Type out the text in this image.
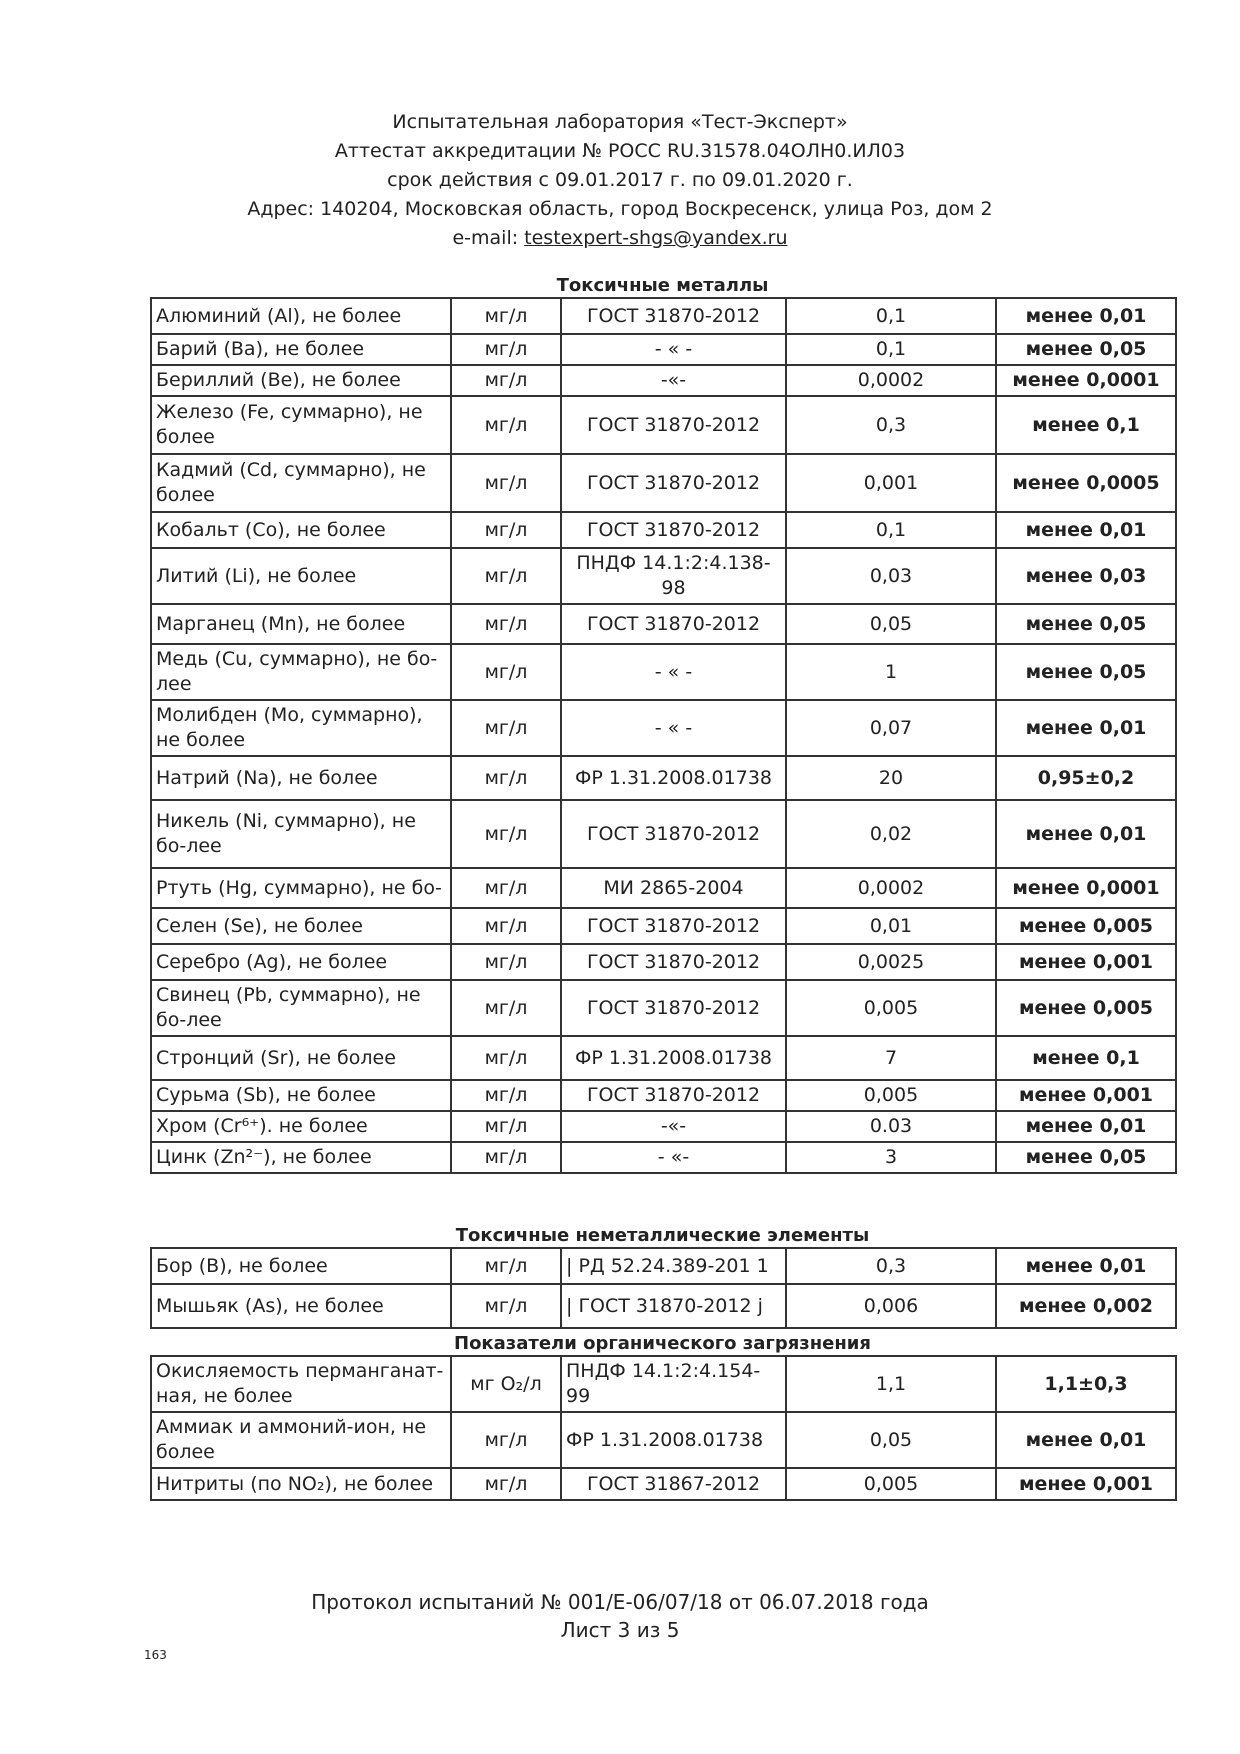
Испытательная лаборатория «Тест-Эксперт»
Аттестат аккредитации № РОСС RU.31578.04ОЛН0.ИЛ03
срок действия с 09.01.2017 г. по 09.01.2020 г.
Адрес: 140204, Московская область, город Воскресенск, улица Роз, дом 2
e-mail: testexpert-shgs@yandex.ru
Токсичные металлы
Алюминий (Al), не более	мг/л	ГОСТ 31870-2012	0,1	менее 0,01
Барий (Ba), не более	мг/л	- « -	0,1	менее 0,05
Бериллий (Be), не более	мг/л	-«-	0,0002	менее 0,0001
Железо (Fe, суммарно), не более	мг/л	ГОСТ 31870-2012	0,3	менее 0,1
Кадмий (Cd, суммарно), не более	мг/л	ГОСТ 31870-2012	0,001	менее 0,0005
Кобальт (Co), не более	мг/л	ГОСТ 31870-2012	0,1	менее 0,01
Литий (Li), не более	мг/л	ПНДФ 14.1:2:4.138-98	0,03	менее 0,03
Марганец (Mn), не более	мг/л	ГОСТ 31870-2012	0,05	менее 0,05
Медь (Cu, суммарно), не бо-лее	мг/л	- « -	1	менее 0,05
Молибден (Mo, суммарно), не более	мг/л	- « -	0,07	менее 0,01
Натрий (Na), не более	мг/л	ФР 1.31.2008.01738	20	0,95±0,2
Никель (Ni, суммарно), не бо-лее	мг/л	ГОСТ 31870-2012	0,02	менее 0,01
Ртуть (Hg, суммарно), не бо-	мг/л	МИ 2865-2004	0,0002	менее 0,0001
Селен (Se), не более	мг/л	ГОСТ 31870-2012	0,01	менее 0,005
Серебро (Ag), не более	мг/л	ГОСТ 31870-2012	0,0025	менее 0,001
Свинец (Pb, суммарно), не бо-лее	мг/л	ГОСТ 31870-2012	0,005	менее 0,005
Стронций (Sr), не более	мг/л	ФР 1.31.2008.01738	7	менее 0,1
Сурьма (Sb), не более	мг/л	ГОСТ 31870-2012	0,005	менее 0,001
Хром (Cr⁶⁺). не более	мг/л	-«-	0.03	менее 0,01
Цинк (Zn²⁻), не более	мг/л	- «-	3	менее 0,05
Токсичные неметаллические элементы
Бор (B), не более	мг/л	| РД 52.24.389-201 1	0,3	менее 0,01
Мышьяк (As), не более	мг/л	| ГОСТ 31870-2012 j	0,006	менее 0,002
Показатели органического загрязнения
Окисляемость перманганат-ная, не более	мг O₂/л	ПНДФ 14.1:2:4.154-99	1,1	1,1±0,3
Аммиак и аммоний-ион, не более	мг/л	ФР 1.31.2008.01738	0,05	менее 0,01
Нитриты (по NO₂), не более	мг/л	ГОСТ 31867-2012	0,005	менее 0,001
Протокол испытаний № 001/Е-06/07/18 от 06.07.2018 года
Лист 3 из 5
163
